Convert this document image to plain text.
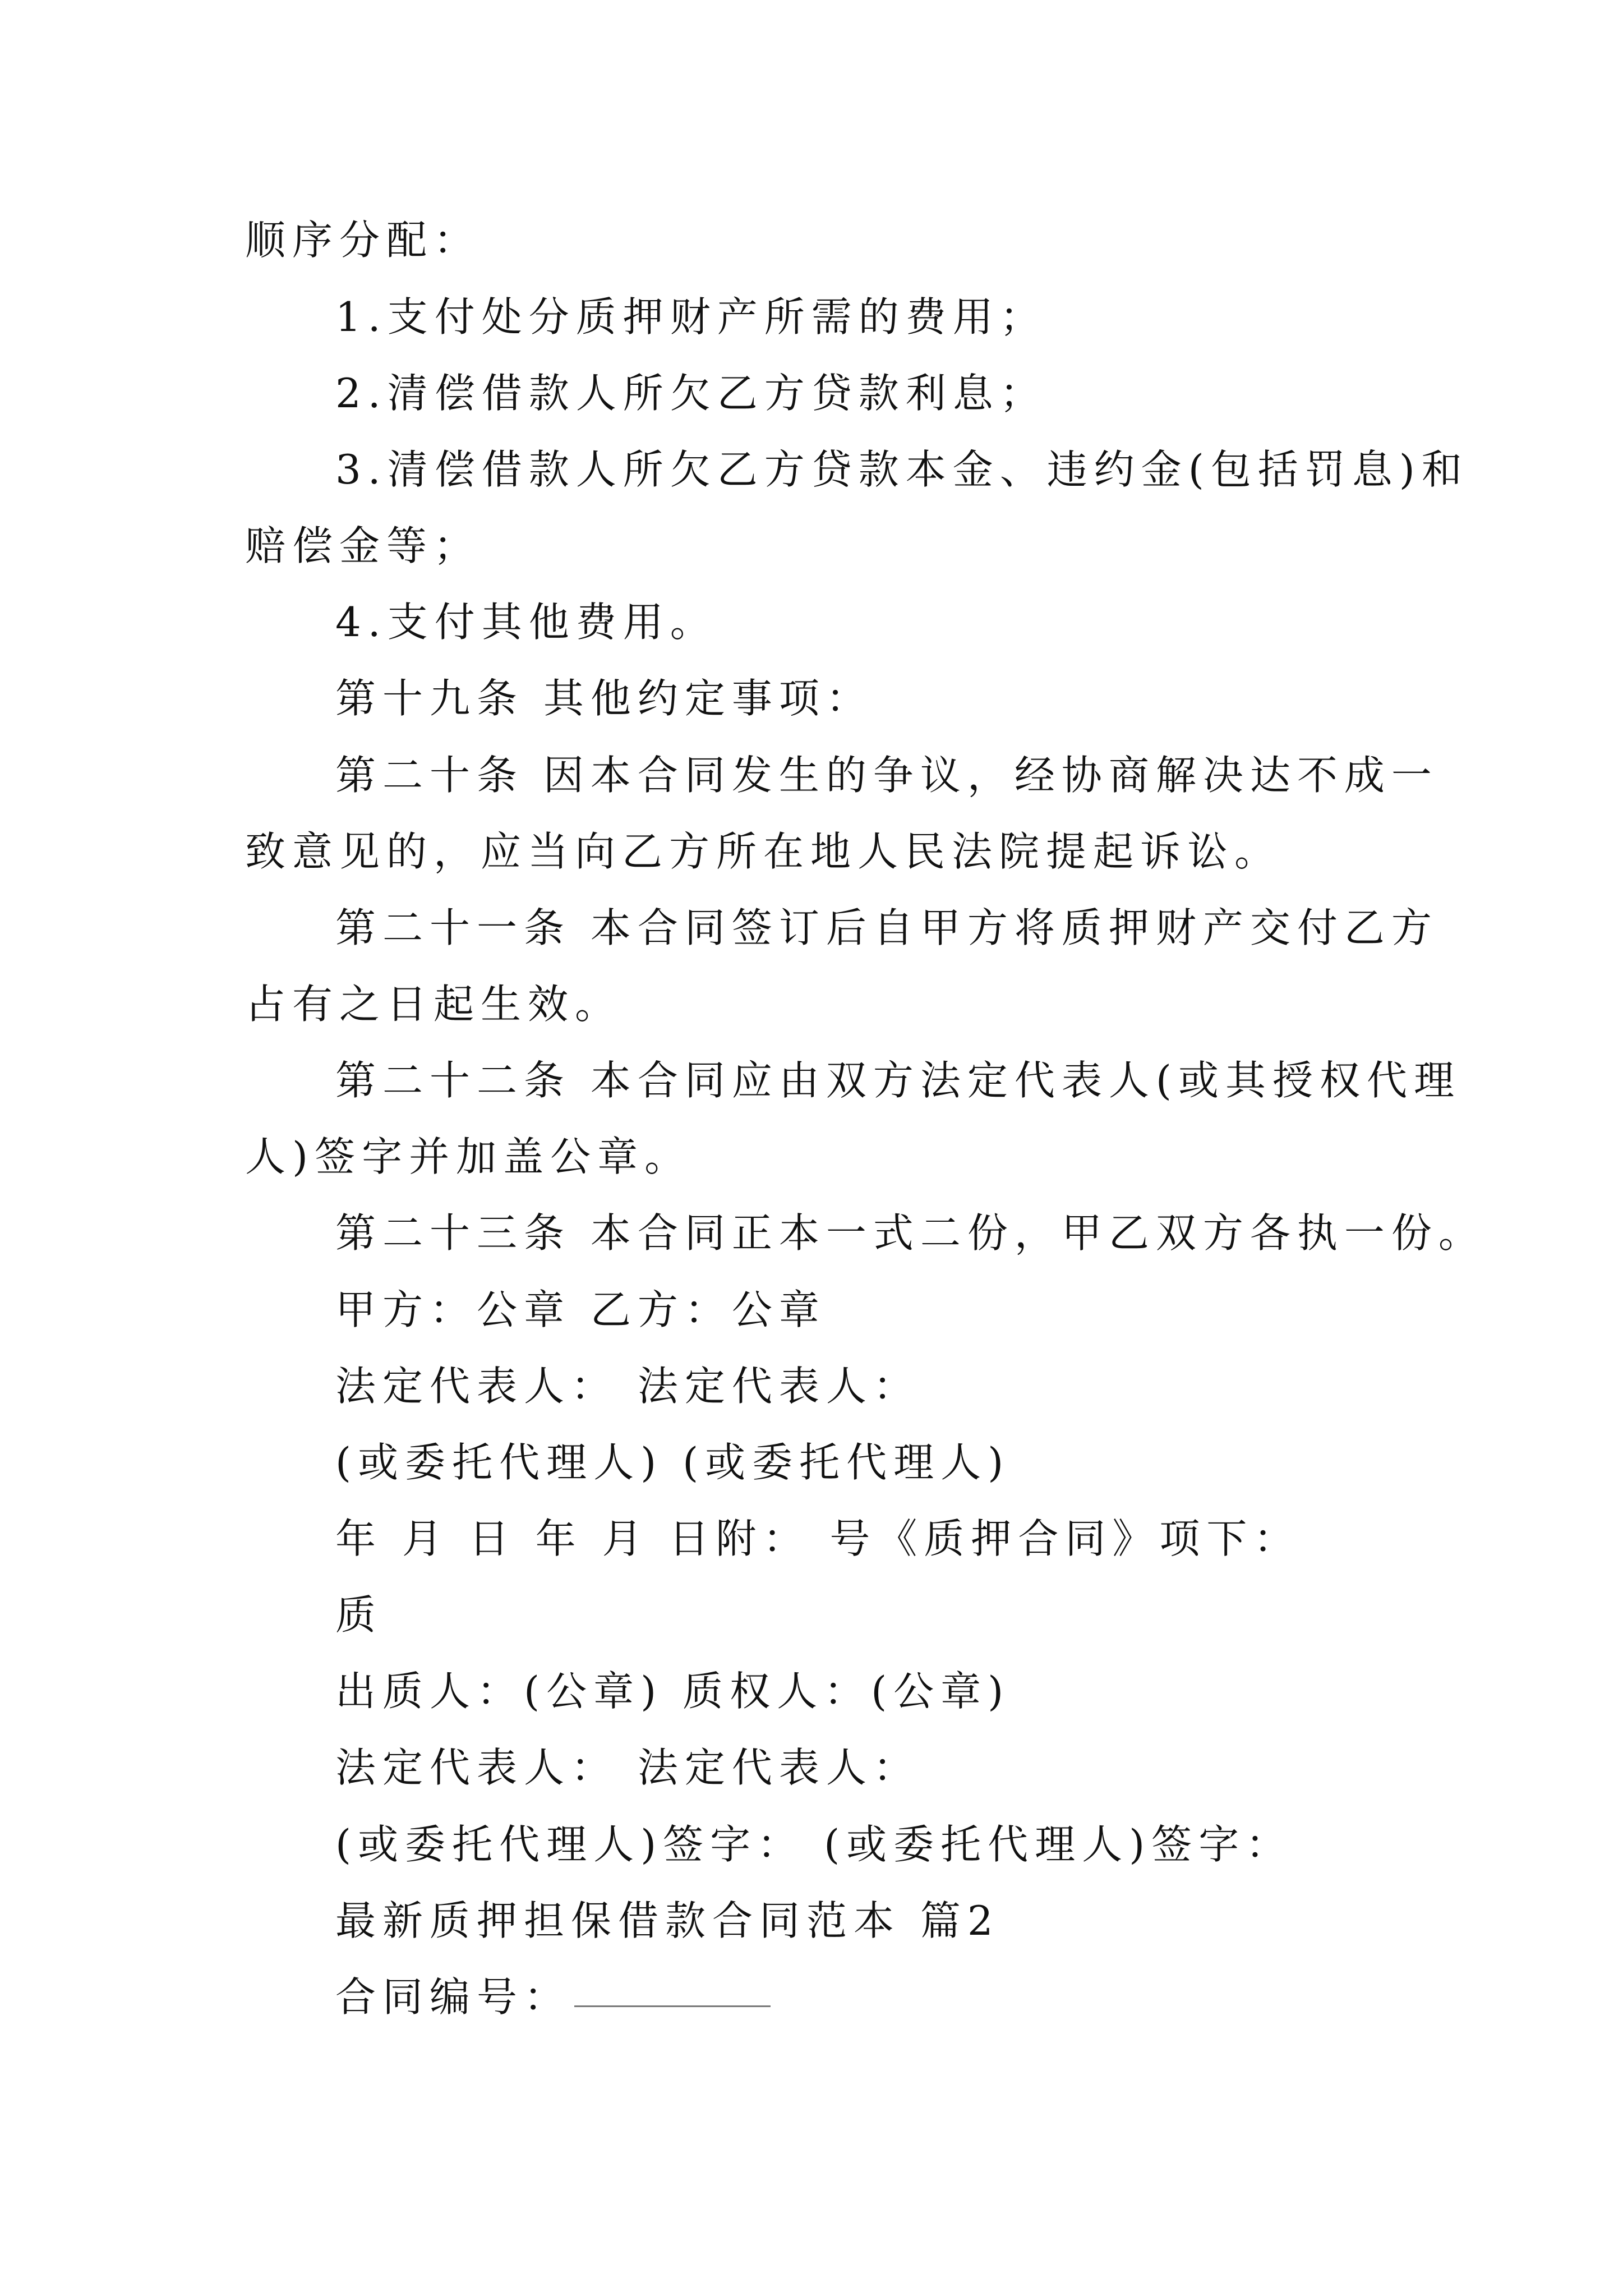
顺序分配：
1.支付处分质押财产所需的费用；
2.清偿借款人所欠乙方贷款利息；
3.清偿借款人所欠乙方贷款本金、违约金(包括罚息)和
赔偿金等；
4.支付其他费用。
第十九条 其他约定事项：
第二十条 因本合同发生的争议，经协商解决达不成一
致意见的，应当向乙方所在地人民法院提起诉讼。
第二十一条 本合同签订后自甲方将质押财产交付乙方
占有之日起生效。
第二十二条 本合同应由双方法定代表人(或其授权代理
人)签字并加盖公章。
第二十三条 本合同正本一式二份，甲乙双方各执一份。
甲方：公章 乙方：公章
法定代表人： 法定代表人：
(或委托代理人) (或委托代理人)
年 月 日 年 月 日附： 号《质押合同》项下：
质
出质人：(公章) 质权人：(公章)
法定代表人： 法定代表人：
(或委托代理人)签字： (或委托代理人)签字：
最新质押担保借款合同范本 篇2
合同编号：
